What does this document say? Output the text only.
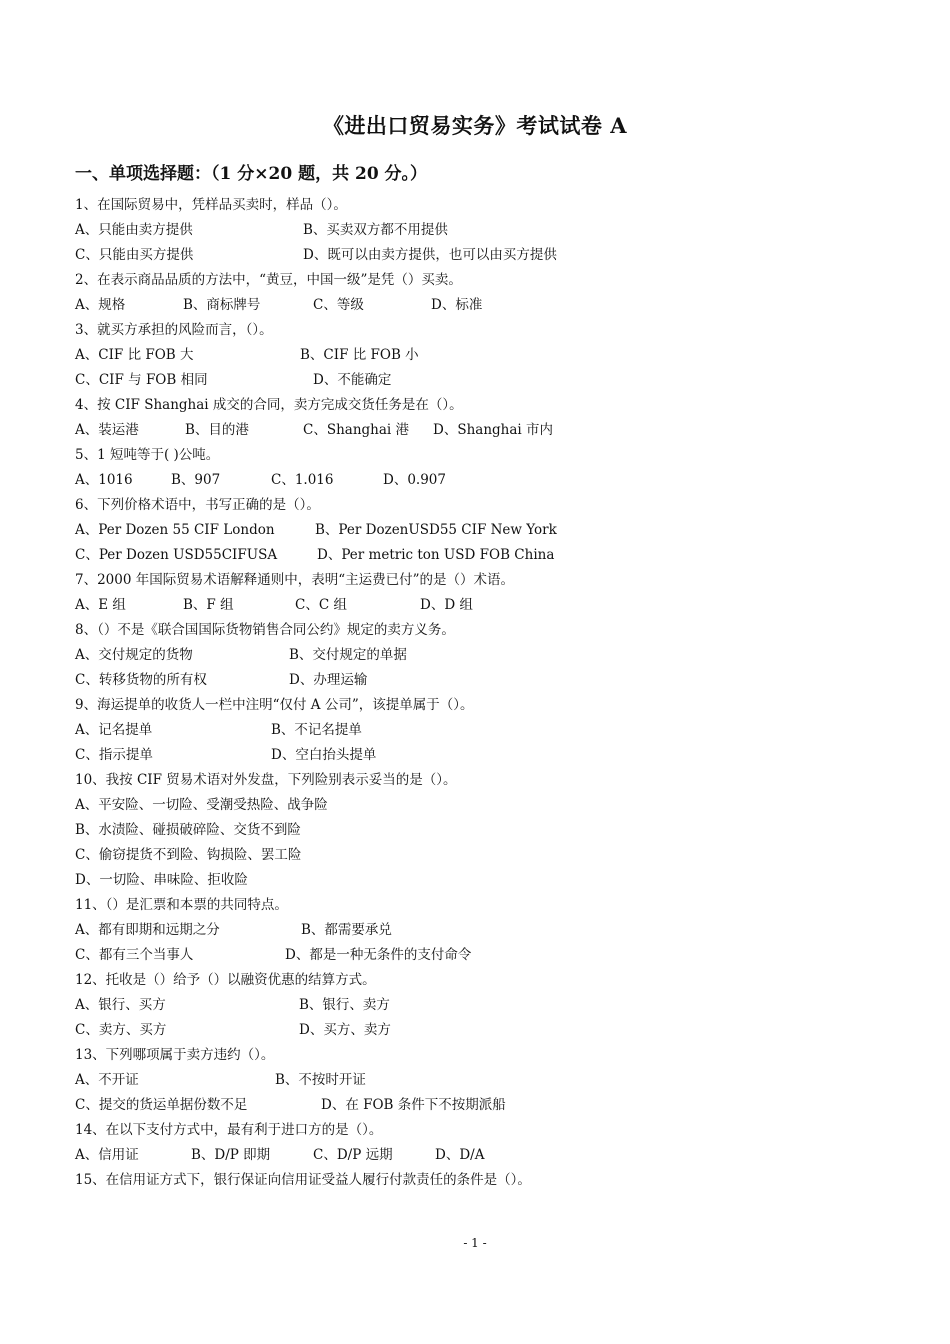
《进出口贸易实务》考试试卷 A
一、单项选择题：（1 分×20 题，共 20 分。）
1、在国际贸易中，凭样品买卖时，样品（）。
A、只能由卖方提供	B、买卖双方都不用提供
C、只能由买方提供	D、既可以由卖方提供，也可以由买方提供
2、在表示商品品质的方法中，“黄豆，中国一级”是凭（）买卖。
A、规格	B、商标牌号	C、等级	D、标准
3、就买方承担的风险而言，（）。
A、CIF 比 FOB 大	B、CIF 比 FOB 小
C、CIF 与 FOB 相同	D、不能确定
4、按 CIF Shanghai 成交的合同，卖方完成交货任务是在（）。
A、装运港	B、目的港	C、Shanghai 港 D、Shanghai 市内
5、1 短吨等于( )公吨。
A、1016	B、907	C、1.016	D、0.907
6、下列价格术语中，书写正确的是（）。
A、Per Dozen 55 CIF London	B、Per DozenUSD55 CIF New York
C、Per Dozen USD55CIFUSA	D、Per metric ton USD FOB China
7、2000 年国际贸易术语解释通则中，表明“主运费已付”的是（）术语。
A、E 组	B、F 组	C、C 组	D、D 组
8、（）不是《联合国国际货物销售合同公约》规定的卖方义务。
A、交付规定的货物	B、交付规定的单据
C、转移货物的所有权	D、办理运输
9、海运提单的收货人一栏中注明“仅付 A 公司”，该提单属于（）。
A、记名提单	B、不记名提单
C、指示提单	D、空白抬头提单
10、我按 CIF 贸易术语对外发盘，下列险别表示妥当的是（）。
A、平安险、一切险、受潮受热险、战争险
B、水渍险、碰损破碎险、交货不到险
C、偷窃提货不到险、钩损险、罢工险
D、一切险、串味险、拒收险
11、（）是汇票和本票的共同特点。
A、都有即期和远期之分	B、都需要承兑
C、都有三个当事人	D、都是一种无条件的支付命令
12、托收是（）给予（）以融资优惠的结算方式。
A、银行、买方	B、银行、卖方
C、卖方、买方	D、买方、卖方
13、下列哪项属于卖方违约（）。
A、不开证	B、不按时开证
C、提交的货运单据份数不足	D、在 FOB 条件下不按期派船
14、在以下支付方式中，最有利于进口方的是（）。
A、信用证	B、D/P 即期	C、D/P 远期	D、D/A
15、在信用证方式下，银行保证向信用证受益人履行付款责任的条件是（）。
- 1 -
